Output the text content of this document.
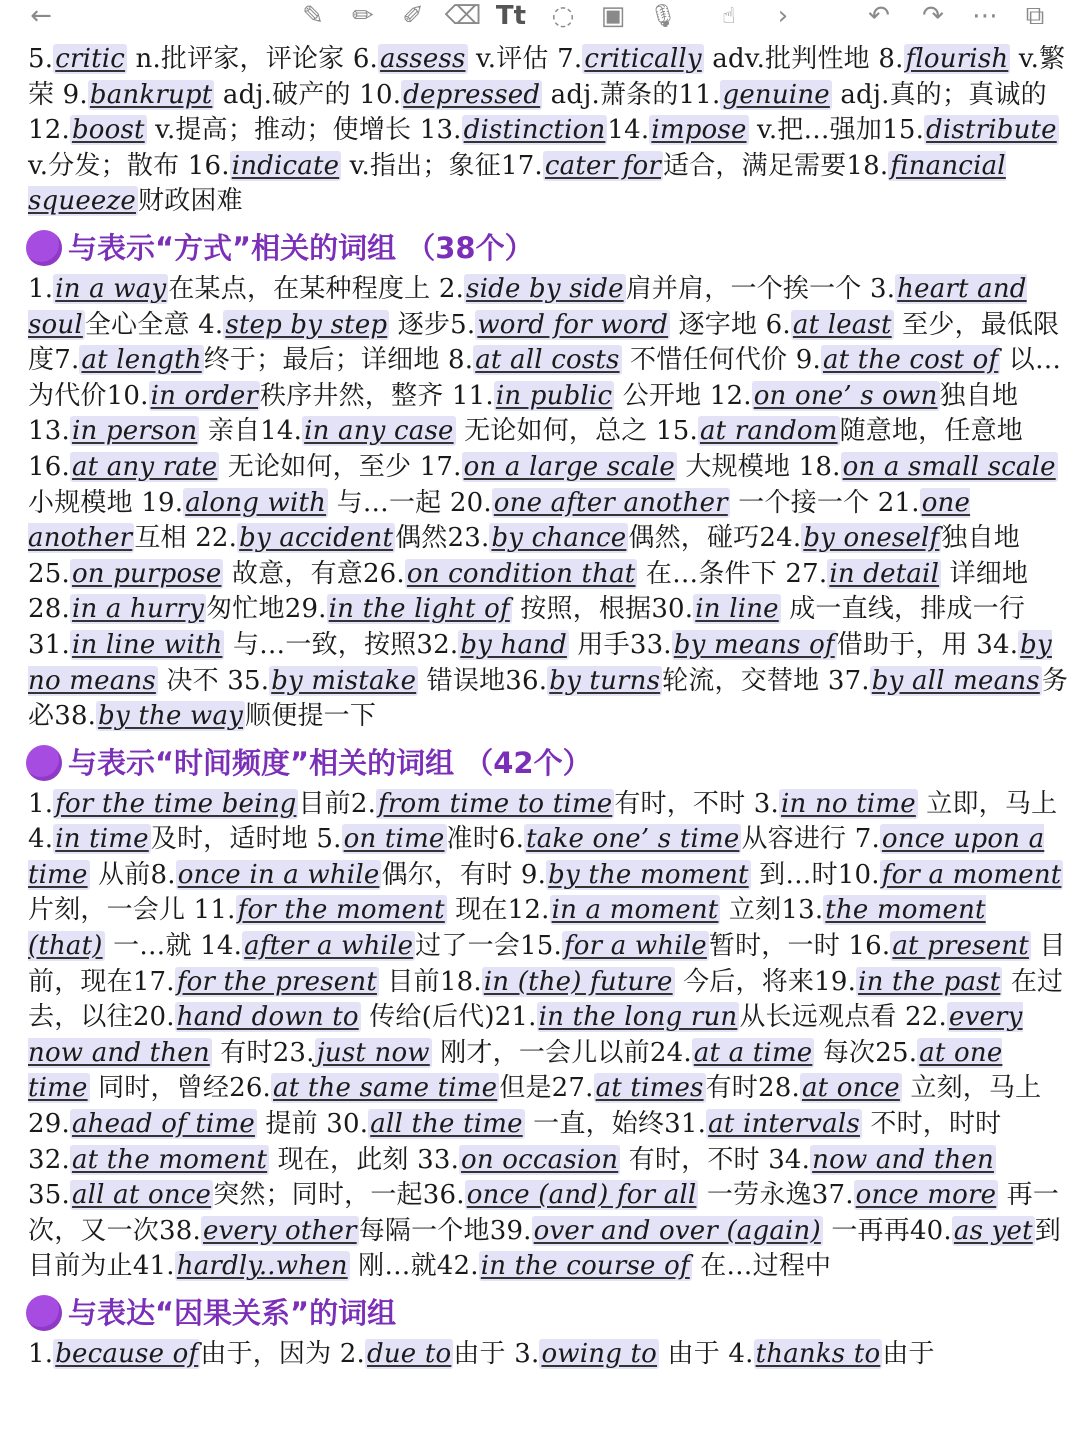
←	✎ ✏ ✐ ⌫ Tt ◌ ▣ 🎙	☝	›	↶ ↷ ⋯ ⧉

5.critic n.批评家，评论家 6.assess v.评估 7.critically adv.批判性地 8.flourish v.繁荣 9.bankrupt adj.破产的 10.depressed adj.萧条的11.genuine adj.真的；真诚的 12.boost v.提高；推动；使增长 13.distinction14.impose v.把…强加15.distribute v.分发；散布 16.indicate v.指出；象征17.cater for适合，满足需要18.financial squeeze财政困难

与表示“方式”相关的词组 （38个）

1.in a way在某点，在某种程度上 2.side by side肩并肩，一个挨一个 3.heart and soul全心全意 4.step by step 逐步5.word for word 逐字地 6.at least 至少，最低限度7.at length终于；最后；详细地 8.at all costs 不惜任何代价 9.at the cost of 以…为代价10.in order秩序井然，整齐 11.in public 公开地 12.on one’ s own独自地13.in person 亲自14.in any case 无论如何，总之 15.at random随意地，任意地 16.at any rate 无论如何，至少 17.on a large scale 大规模地 18.on a small scale 小规模地 19.along with 与…一起 20.one after another 一个接一个 21.one another互相 22.by accident偶然23.by chance偶然，碰巧24.by oneself独自地 25.on purpose 故意，有意26.on condition that 在…条件下 27.in detail 详细地 28.in a hurry匆忙地29.in the light of 按照，根据30.in line 成一直线，排成一行31.in line with 与…一致，按照32.by hand 用手33.by means of借助于，用 34.by no means 决不 35.by mistake 错误地36.by turns轮流，交替地 37.by all means务必38.by the way顺便提一下

与表示“时间频度”相关的词组 （42个）

1.for the time being目前2.from time to time有时，不时 3.in no time 立即，马上 4.in time及时，适时地 5.on time准时6.take one’ s time从容进行 7.once upon a time 从前8.once in a while偶尔，有时 9.by the moment 到…时10.for a moment片刻，一会儿 11.for the moment 现在12.in a moment 立刻13.the moment (that) 一…就 14.after a while过了一会15.for a while暂时，一时 16.at present 目前，现在17.for the present 目前18.in (the) future 今后，将来19.in the past 在过去，以往20.hand down to 传给(后代)21.in the long run从长远观点看 22.every now and then 有时23.just now 刚才，一会儿以前24.at a time 每次25.at one time 同时，曾经26.at the same time但是27.at times有时28.at once 立刻，马上 29.ahead of time 提前 30.all the time 一直，始终31.at intervals 不时，时时 32.at the moment 现在，此刻 33.on occasion 有时，不时 34.now and then 35.all at once突然；同时，一起36.once (and) for all 一劳永逸37.once more 再一次，又一次38.every other每隔一个地39.over and over (again) 一再再40.as yet到目前为止41.hardly..when 刚…就42.in the course of 在…过程中

与表达“因果关系”的词组

1.because of由于，因为 2.due to由于 3.owing to 由于 4.thanks to由于
